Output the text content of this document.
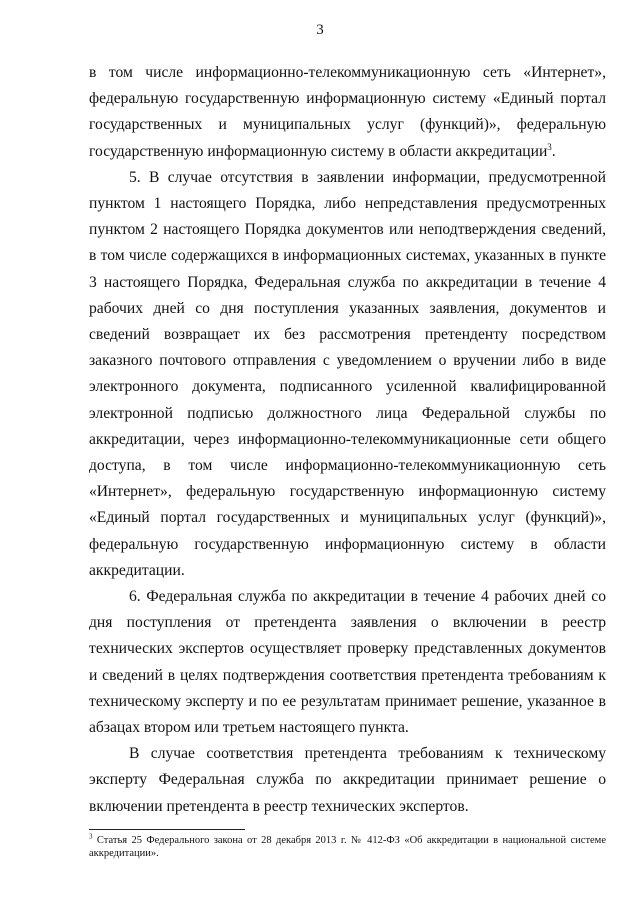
3

в том числе информационно-телекоммуникационную сеть «Интернет», федеральную государственную информационную систему «Единый портал государственных и муниципальных услуг (функций)», федеральную государственную информационную систему в области аккредитации$^3$.

5. В случае отсутствия в заявлении информации, предусмотренной пунктом 1 настоящего Порядка, либо непредставления предусмотренных пунктом 2 настоящего Порядка документов или неподтверждения сведений, в том числе содержащихся в информационных системах, указанных в пункте 3 настоящего Порядка, Федеральная служба по аккредитации в течение 4 рабочих дней со дня поступления указанных заявления, документов и сведений возвращает их без рассмотрения претенденту посредством заказного почтового отправления с уведомлением о вручении либо в виде электронного документа, подписанного усиленной квалифицированной электронной подписью должностного лица Федеральной службы по аккредитации, через информационно-телекоммуникационные сети общего доступа, в том числе информационно-телекоммуникационную сеть «Интернет», федеральную государственную информационную систему «Единый портал государственных и муниципальных услуг (функций)», федеральную государственную информационную систему в области аккредитации.

6. Федеральная служба по аккредитации в течение 4 рабочих дней со дня поступления от претендента заявления о включении в реестр технических экспертов осуществляет проверку представленных документов и сведений в целях подтверждения соответствия претендента требованиям к техническому эксперту и по ее результатам принимает решение, указанное в абзацах втором или третьем настоящего пункта.

В случае соответствия претендента требованиям к техническому эксперту Федеральная служба по аккредитации принимает решение о включении претендента в реестр технических экспертов.

$^3$ Статья 25 Федерального закона от 28 декабря 2013 г. № 412-ФЗ «Об аккредитации в национальной системе аккредитации».
